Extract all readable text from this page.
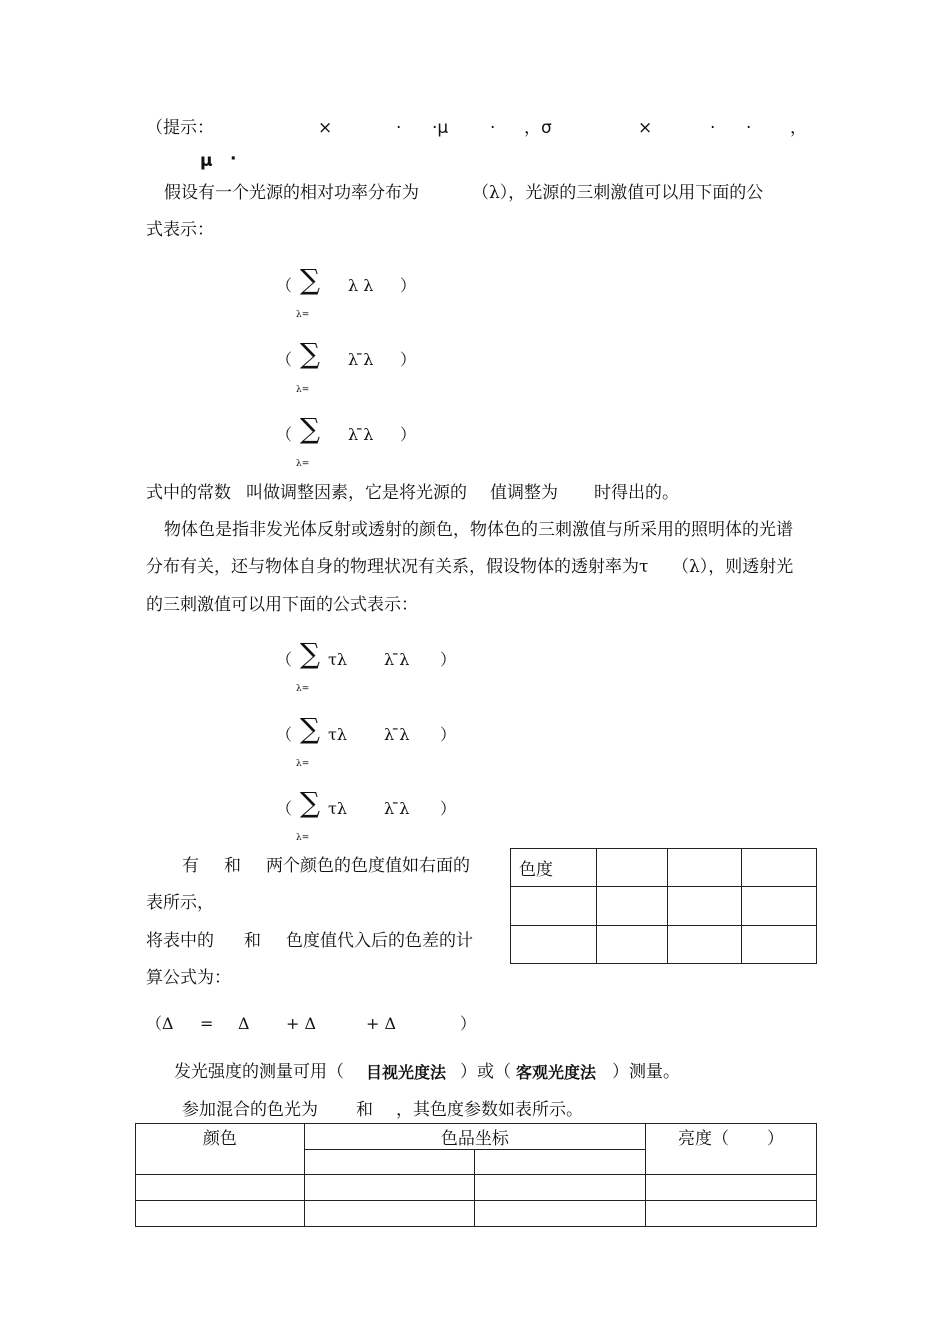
（提示：	×	· ·μ · ，σ	×	· · ，
μ ·
假设有一个光源的相对功率分布为	（λ），光源的三刺激值可以用下面的公
式表示：
（ ∑ λ λ ）
λ=
（ ∑ λ ̄λ ）
λ=
（ ∑ λ ̄λ ）
λ=
式中的常数 叫做调整因素，它是将光源的 值调整为 时得出的。
物体色是指非发光体反射或透射的颜色，物体色的三刺激值与所采用的照明体的光谱
分布有关，还与物体自身的物理状况有关系，假设物体的透射率为τ （λ），则透射光
的三刺激值可以用下面的公式表示：
（ ∑ τλ λ ̄λ ）
λ=
（ ∑ τλ λ ̄λ ）
λ=
（ ∑ τλ λ ̄λ ）
λ=
有 和 两个颜色的色度值如右面的
表所示，
将表中的 和 色度值代入后的色差的计
算公式为：
色度			

（Δ = Δ + Δ	+ Δ	）
发光强度的测量可用（ 目视光度法 ）或（ 客观光度法 ）测量。
参加混合的色光为 和 ，其色度参数如表所示。
颜色	色品坐标		亮度（ ）
